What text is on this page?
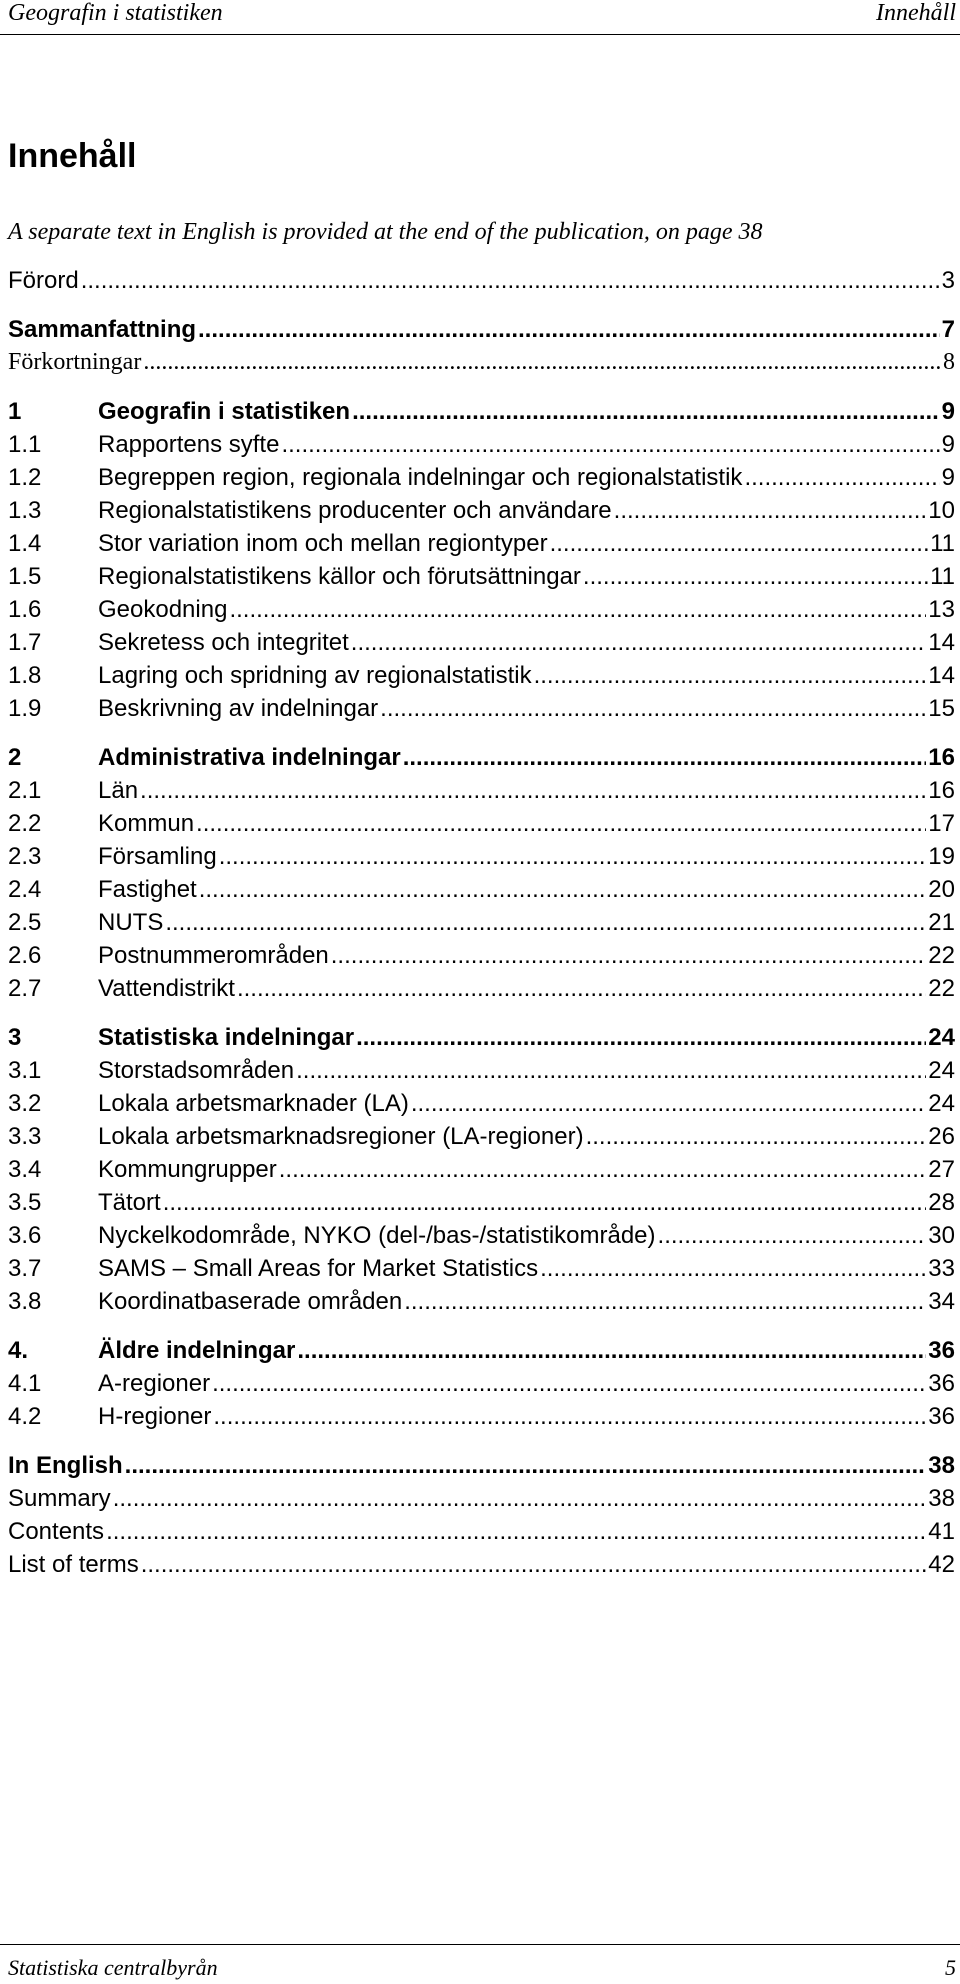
Geografin i statistiken	Innehåll
Innehåll
A separate text in English is provided at the end of the publication, on page 38
Förord .....	3
Sammanfattning .....	7
Förkortningar .....	8
1	Geografin i statistiken .....	9
1.1	Rapportens syfte .....	9
1.2	Begreppen region, regionala indelningar och regionalstatistik .....	9
1.3	Regionalstatistikens producenter och användare .....	10
1.4	Stor variation inom och mellan regiontyper .....	11
1.5	Regionalstatistikens källor och förutsättningar .....	11
1.6	Geokodning .....	13
1.7	Sekretess och integritet .....	14
1.8	Lagring och spridning av regionalstatistik .....	14
1.9	Beskrivning av indelningar .....	15
2	Administrativa indelningar .....	16
2.1	Län .....	16
2.2	Kommun .....	17
2.3	Församling .....	19
2.4	Fastighet .....	20
2.5	NUTS .....	21
2.6	Postnummerområden .....	22
2.7	Vattendistrikt .....	22
3	Statistiska indelningar .....	24
3.1	Storstadsområden .....	24
3.2	Lokala arbetsmarknader (LA) .....	24
3.3	Lokala arbetsmarknadsregioner (LA-regioner) .....	26
3.4	Kommungrupper .....	27
3.5	Tätort .....	28
3.6	Nyckelkodområde, NYKO (del-/bas-/statistikområde) .....	30
3.7	SAMS – Small Areas for Market Statistics .....	33
3.8	Koordinatbaserade områden .....	34
4.	Äldre indelningar .....	36
4.1	A-regioner .....	36
4.2	H-regioner .....	36
In English .....	38
Summary .....	38
Contents .....	41
List of terms .....	42
Statistiska centralbyrån	5
